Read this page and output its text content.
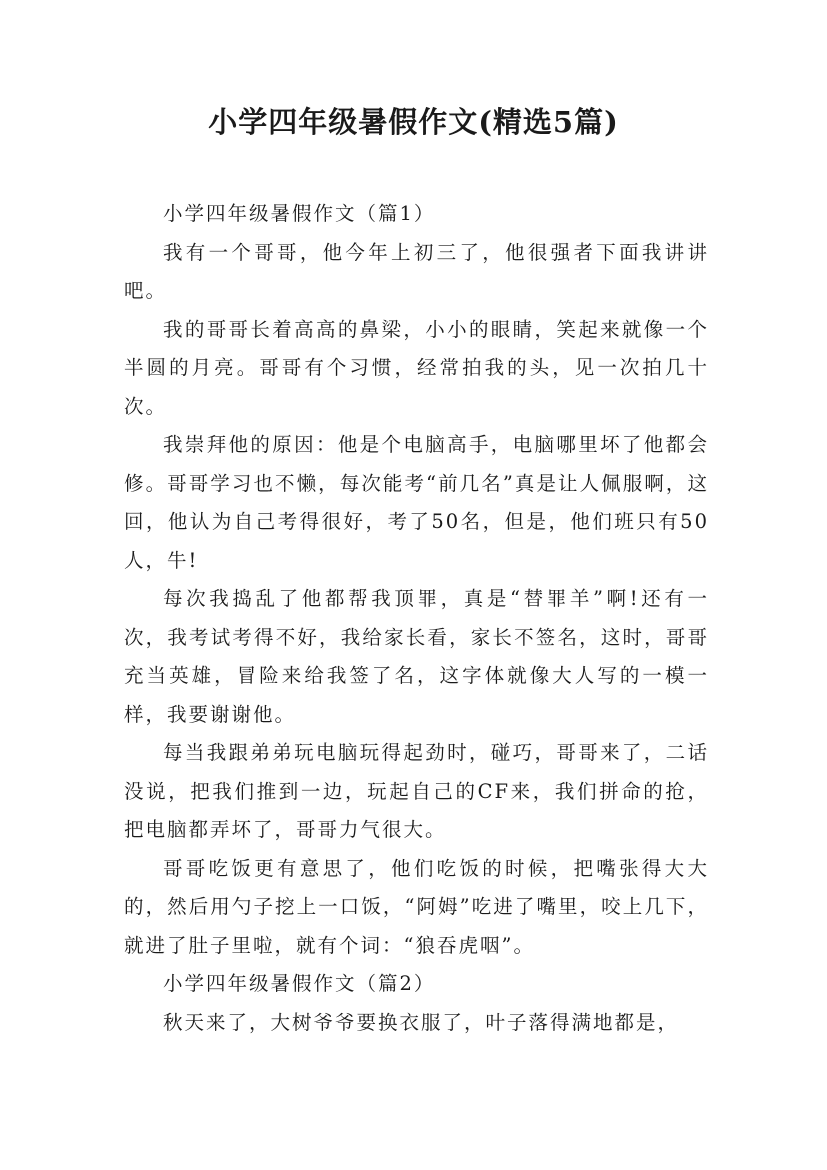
小学四年级暑假作文(精选5篇)

小学四年级暑假作文（篇1）

我有一个哥哥，他今年上初三了，他很强者下面我讲讲吧。

我的哥哥长着高高的鼻梁，小小的眼睛，笑起来就像一个半圆的月亮。哥哥有个习惯，经常拍我的头，见一次拍几十次。

我崇拜他的原因：他是个电脑高手，电脑哪里坏了他都会修。哥哥学习也不懒，每次能考“前几名”真是让人佩服啊，这回，他认为自己考得很好，考了50名，但是，他们班只有50人，牛!

每次我捣乱了他都帮我顶罪，真是“替罪羊”啊!还有一次，我考试考得不好，我给家长看，家长不签名，这时，哥哥充当英雄，冒险来给我签了名，这字体就像大人写的一模一样，我要谢谢他。

每当我跟弟弟玩电脑玩得起劲时，碰巧，哥哥来了，二话没说，把我们推到一边，玩起自己的CF来，我们拼命的抢，把电脑都弄坏了，哥哥力气很大。

哥哥吃饭更有意思了，他们吃饭的时候，把嘴张得大大的，然后用勺子挖上一口饭，“阿姆”吃进了嘴里，咬上几下，就进了肚子里啦，就有个词：“狼吞虎咽”。

小学四年级暑假作文（篇2）

秋天来了，大树爷爷要换衣服了，叶子落得满地都是，
